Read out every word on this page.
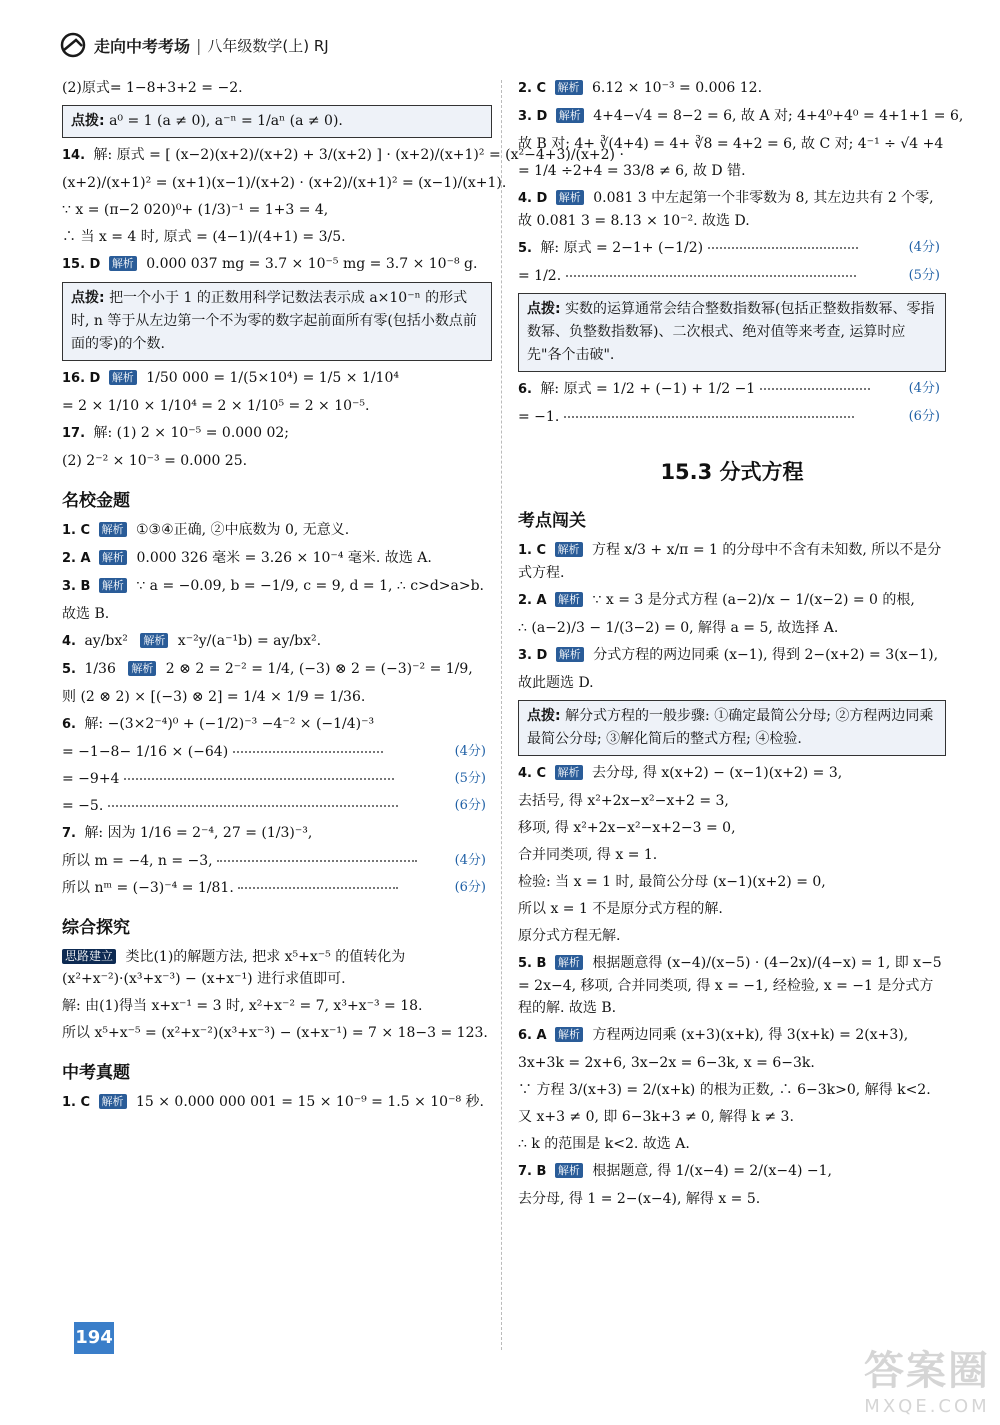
走向中考考场 | 八年级数学(上) RJ
(2)原式= 1−8+3+2 = −2.
点拨: a⁰ = 1 (a ≠ 0), a⁻ⁿ = 1/aⁿ (a ≠ 0).
14. 解: 原式 = [ (x−2)(x+2)/(x+2) + 3/(x+2) ] · (x+2)/(x+1)² = (x²−4+3)/(x+2) ·
(x+2)/(x+1)² = (x+1)(x−1)/(x+2) · (x+2)/(x+1)² = (x−1)/(x+1).
∵ x = (π−2 020)⁰+ (1/3)⁻¹ = 1+3 = 4,
∴ 当 x = 4 时, 原式 = (4−1)/(4+1) = 3/5.
15. D 解析 0.000 037 mg = 3.7 × 10⁻⁵ mg = 3.7 × 10⁻⁸ g.
点拨: 把一个小于 1 的正数用科学记数法表示成 a×10⁻ⁿ 的形式时, n 等于从左边第一个不为零的数字起前面所有零(包括小数点前面的零)的个数.
16. D 解析 1/50 000 = 1/(5×10⁴) = 1/5 × 1/10⁴
= 2 × 1/10 × 1/10⁴ = 2 × 1/10⁵ = 2 × 10⁻⁵.
17. 解: (1) 2 × 10⁻⁵ = 0.000 02;
(2) 2⁻² × 10⁻³ = 0.000 25.
名校金题
1. C 解析 ①③④正确, ②中底数为 0, 无意义.
2. A 解析 0.000 326 毫米 = 3.26 × 10⁻⁴ 毫米. 故选 A.
3. B 解析 ∵ a = −0.09, b = −1/9, c = 9, d = 1, ∴ c>d>a>b.
故选 B.
4. ay/bx² 解析 x⁻²y/(a⁻¹b) = ay/bx².
5. 1/36 解析 2 ⊗ 2 = 2⁻² = 1/4, (−3) ⊗ 2 = (−3)⁻² = 1/9,
则 (2 ⊗ 2) × [(−3) ⊗ 2] = 1/4 × 1/9 = 1/36.
6. 解: −(3×2⁻⁴)⁰ + (−1/2)⁻³ −4⁻² × (−1/4)⁻³
= −1−8− 1/16 × (−64)	(4分)
= −9+4	(5分)
= −5.	(6分)
7. 解: 因为 1/16 = 2⁻⁴, 27 = (1/3)⁻³,
所以 m = −4, n = −3,	(4分)
所以 nᵐ = (−3)⁻⁴ = 1/81.	(6分)
综合探究
思路建立 类比(1)的解题方法, 把求 x⁵+x⁻⁵ 的值转化为 (x²+x⁻²)·(x³+x⁻³) − (x+x⁻¹) 进行求值即可.
解: 由(1)得当 x+x⁻¹ = 3 时, x²+x⁻² = 7, x³+x⁻³ = 18.
所以 x⁵+x⁻⁵ = (x²+x⁻²)(x³+x⁻³) − (x+x⁻¹) = 7 × 18−3 = 123.
中考真题
1. C 解析 15 × 0.000 000 001 = 15 × 10⁻⁹ = 1.5 × 10⁻⁸ 秒.
2. C 解析 6.12 × 10⁻³ = 0.006 12.
3. D 解析 4+4−√4 = 8−2 = 6, 故 A 对; 4+4⁰+4⁰ = 4+1+1 = 6,
故 B 对; 4+ ∛(4+4) = 4+ ∛8 = 4+2 = 6, 故 C 对; 4⁻¹ ÷ √4 +4
= 1/4 ÷2+4 = 33/8 ≠ 6, 故 D 错.
4. D 解析 0.081 3 中左起第一个非零数为 8, 其左边共有 2 个零, 故 0.081 3 = 8.13 × 10⁻². 故选 D.
5. 解: 原式 = 2−1+ (−1/2)	(4分)
= 1/2.	(5分)
点拨: 实数的运算通常会结合整数指数幂(包括正整数指数幂、零指数幂、负整数指数幂)、二次根式、绝对值等来考查, 运算时应先"各个击破".
6. 解: 原式 = 1/2 + (−1) + 1/2 −1	(4分)
= −1.	(6分)
15.3 分式方程
考点闯关
1. C 解析 方程 x/3 + x/π = 1 的分母中不含有未知数, 所以不是分式方程.
2. A 解析 ∵ x = 3 是分式方程 (a−2)/x − 1/(x−2) = 0 的根,
∴ (a−2)/3 − 1/(3−2) = 0, 解得 a = 5, 故选择 A.
3. D 解析 分式方程的两边同乘 (x−1), 得到 2−(x+2) = 3(x−1),
故此题选 D.
点拨: 解分式方程的一般步骤: ①确定最简公分母; ②方程两边同乘最简公分母; ③解化简后的整式方程; ④检验.
4. C 解析 去分母, 得 x(x+2) − (x−1)(x+2) = 3,
去括号, 得 x²+2x−x²−x+2 = 3,
移项, 得 x²+2x−x²−x+2−3 = 0,
合并同类项, 得 x = 1.
检验: 当 x = 1 时, 最简公分母 (x−1)(x+2) = 0,
所以 x = 1 不是原分式方程的解.
原分式方程无解.
5. B 解析 根据题意得 (x−4)/(x−5) · (4−2x)/(4−x) = 1, 即 x−5 = 2x−4, 移项, 合并同类项, 得 x = −1, 经检验, x = −1 是分式方程的解. 故选 B.
6. A 解析 方程两边同乘 (x+3)(x+k), 得 3(x+k) = 2(x+3),
3x+3k = 2x+6, 3x−2x = 6−3k, x = 6−3k.
∵ 方程 3/(x+3) = 2/(x+k) 的根为正数, ∴ 6−3k>0, 解得 k<2.
又 x+3 ≠ 0, 即 6−3k+3 ≠ 0, 解得 k ≠ 3.
∴ k 的范围是 k<2. 故选 A.
7. B 解析 根据题意, 得 1/(x−4) = 2/(x−4) −1,
去分母, 得 1 = 2−(x−4), 解得 x = 5.
194
答案圈
MXQE.COM
